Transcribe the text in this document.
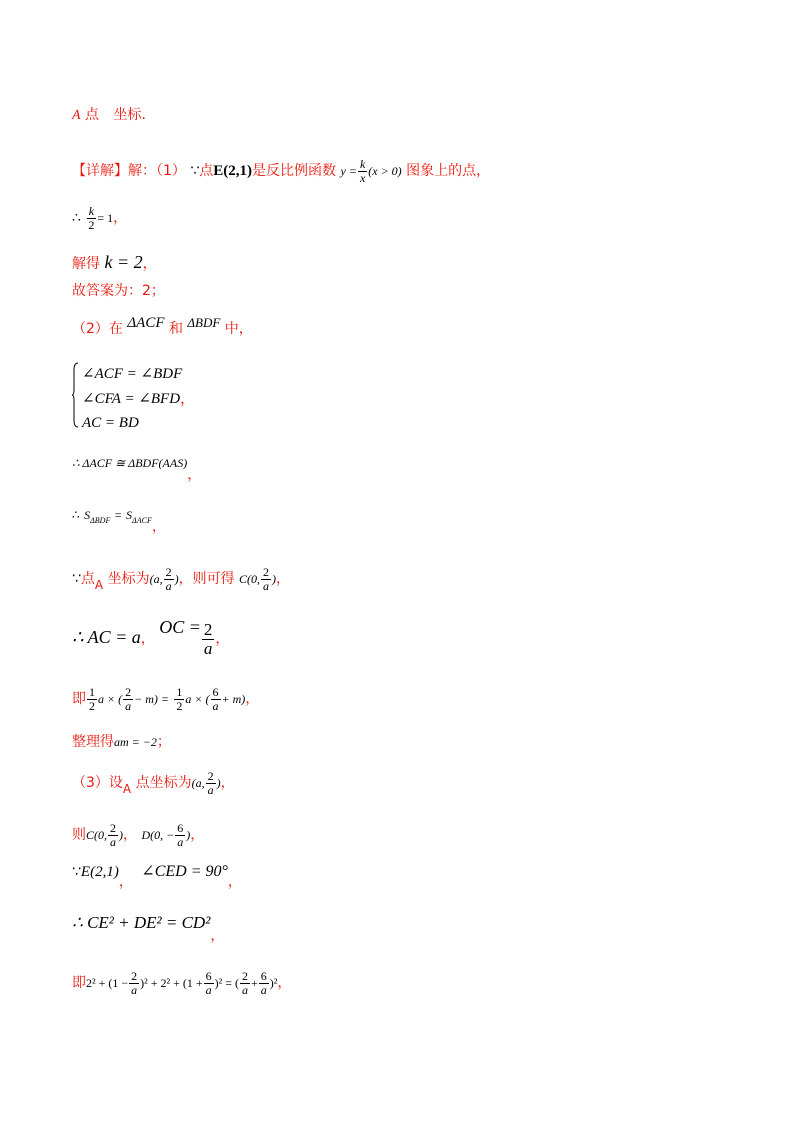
A 点 坐标.
【详解】解：（1） ∵点E(2,1)是反比例函数 $y = \frac{k}{x} (x > 0)$ 图象上的点，
∴ $\frac{k}{2} = 1$，
解得 k = 2，
故答案为：2；
（2）在 ΔACF 和 ΔBDF 中，
∠ACF = ∠BDF
∠CFA = ∠BFD，
AC = BD
∴ ΔACF ≅ ΔBDF(AAS)，
∴ $S_{\Delta BDF} = S_{\Delta ACF}$，
∵点A 坐标为(a, $\frac{2}{a}$ )，则可得 C(0, $\frac{2}{a}$ )，
∴ AC = a， OC = $\frac{2}{a}$ ，
即 $\frac{1}{2}$ a × ( $\frac{2}{a} - m) = \frac{1}{2}$ a × ( $\frac{6}{a} + m$)，
整理得am = −2；
（3）设A 点坐标为(a, $\frac{2}{a}$ )，
则C(0, $\frac{2}{a}$ )， D(0, − $\frac{6}{a}$ )，
∵E(2,1)， ∠CED = 90°，
∴ CE² + DE² = CD²，
即$2^2 + (1 - \frac{2}{a} )^2 + 2^2 + (1 + \frac{6}{a} )^2$ = ( $\frac{2}{a} + \frac{6}{a} )^2$，
